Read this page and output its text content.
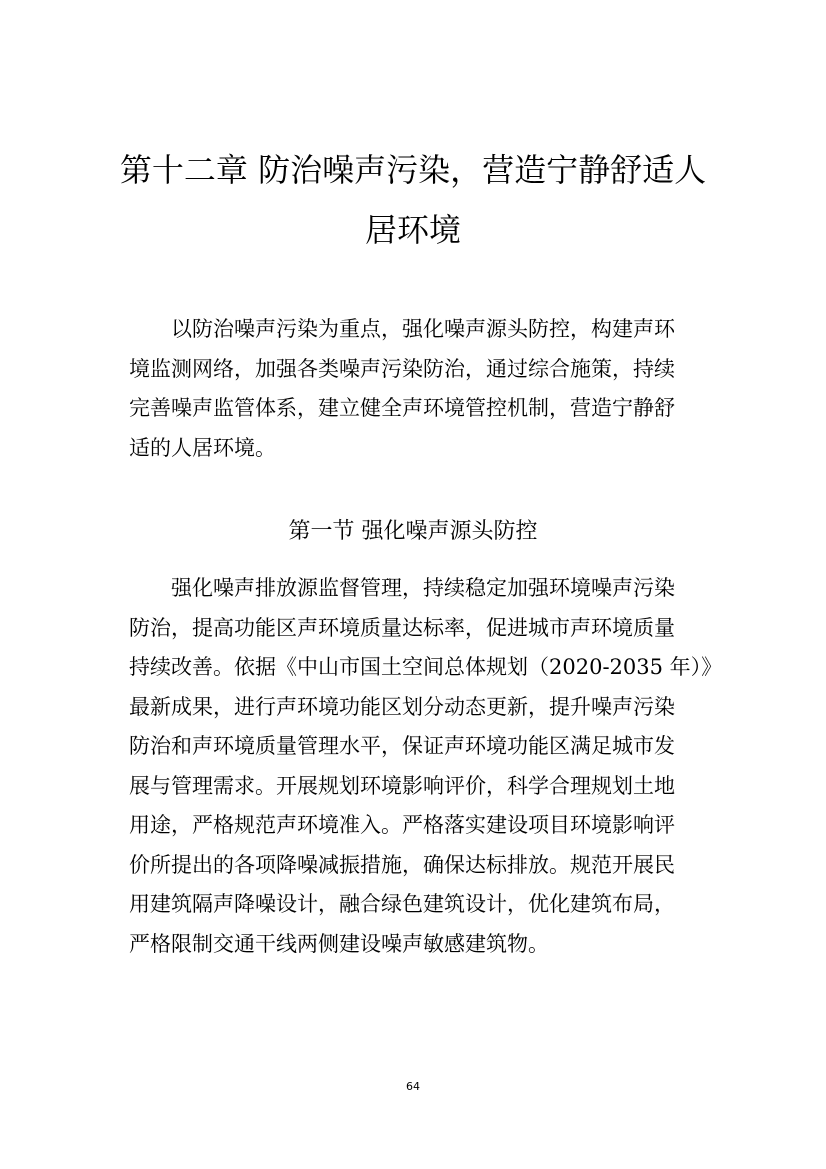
第十二章 防治噪声污染，营造宁静舒适人
居环境

以防治噪声污染为重点，强化噪声源头防控，构建声环
境监测网络，加强各类噪声污染防治，通过综合施策，持续
完善噪声监管体系，建立健全声环境管控机制，营造宁静舒
适的人居环境。

第一节 强化噪声源头防控

强化噪声排放源监督管理，持续稳定加强环境噪声污染
防治，提高功能区声环境质量达标率，促进城市声环境质量
持续改善。依据《中山市国土空间总体规划（2020-2035 年）》
最新成果，进行声环境功能区划分动态更新，提升噪声污染
防治和声环境质量管理水平，保证声环境功能区满足城市发
展与管理需求。开展规划环境影响评价，科学合理规划土地
用途，严格规范声环境准入。严格落实建设项目环境影响评
价所提出的各项降噪减振措施，确保达标排放。规范开展民
用建筑隔声降噪设计，融合绿色建筑设计，优化建筑布局，
严格限制交通干线两侧建设噪声敏感建筑物。

64
